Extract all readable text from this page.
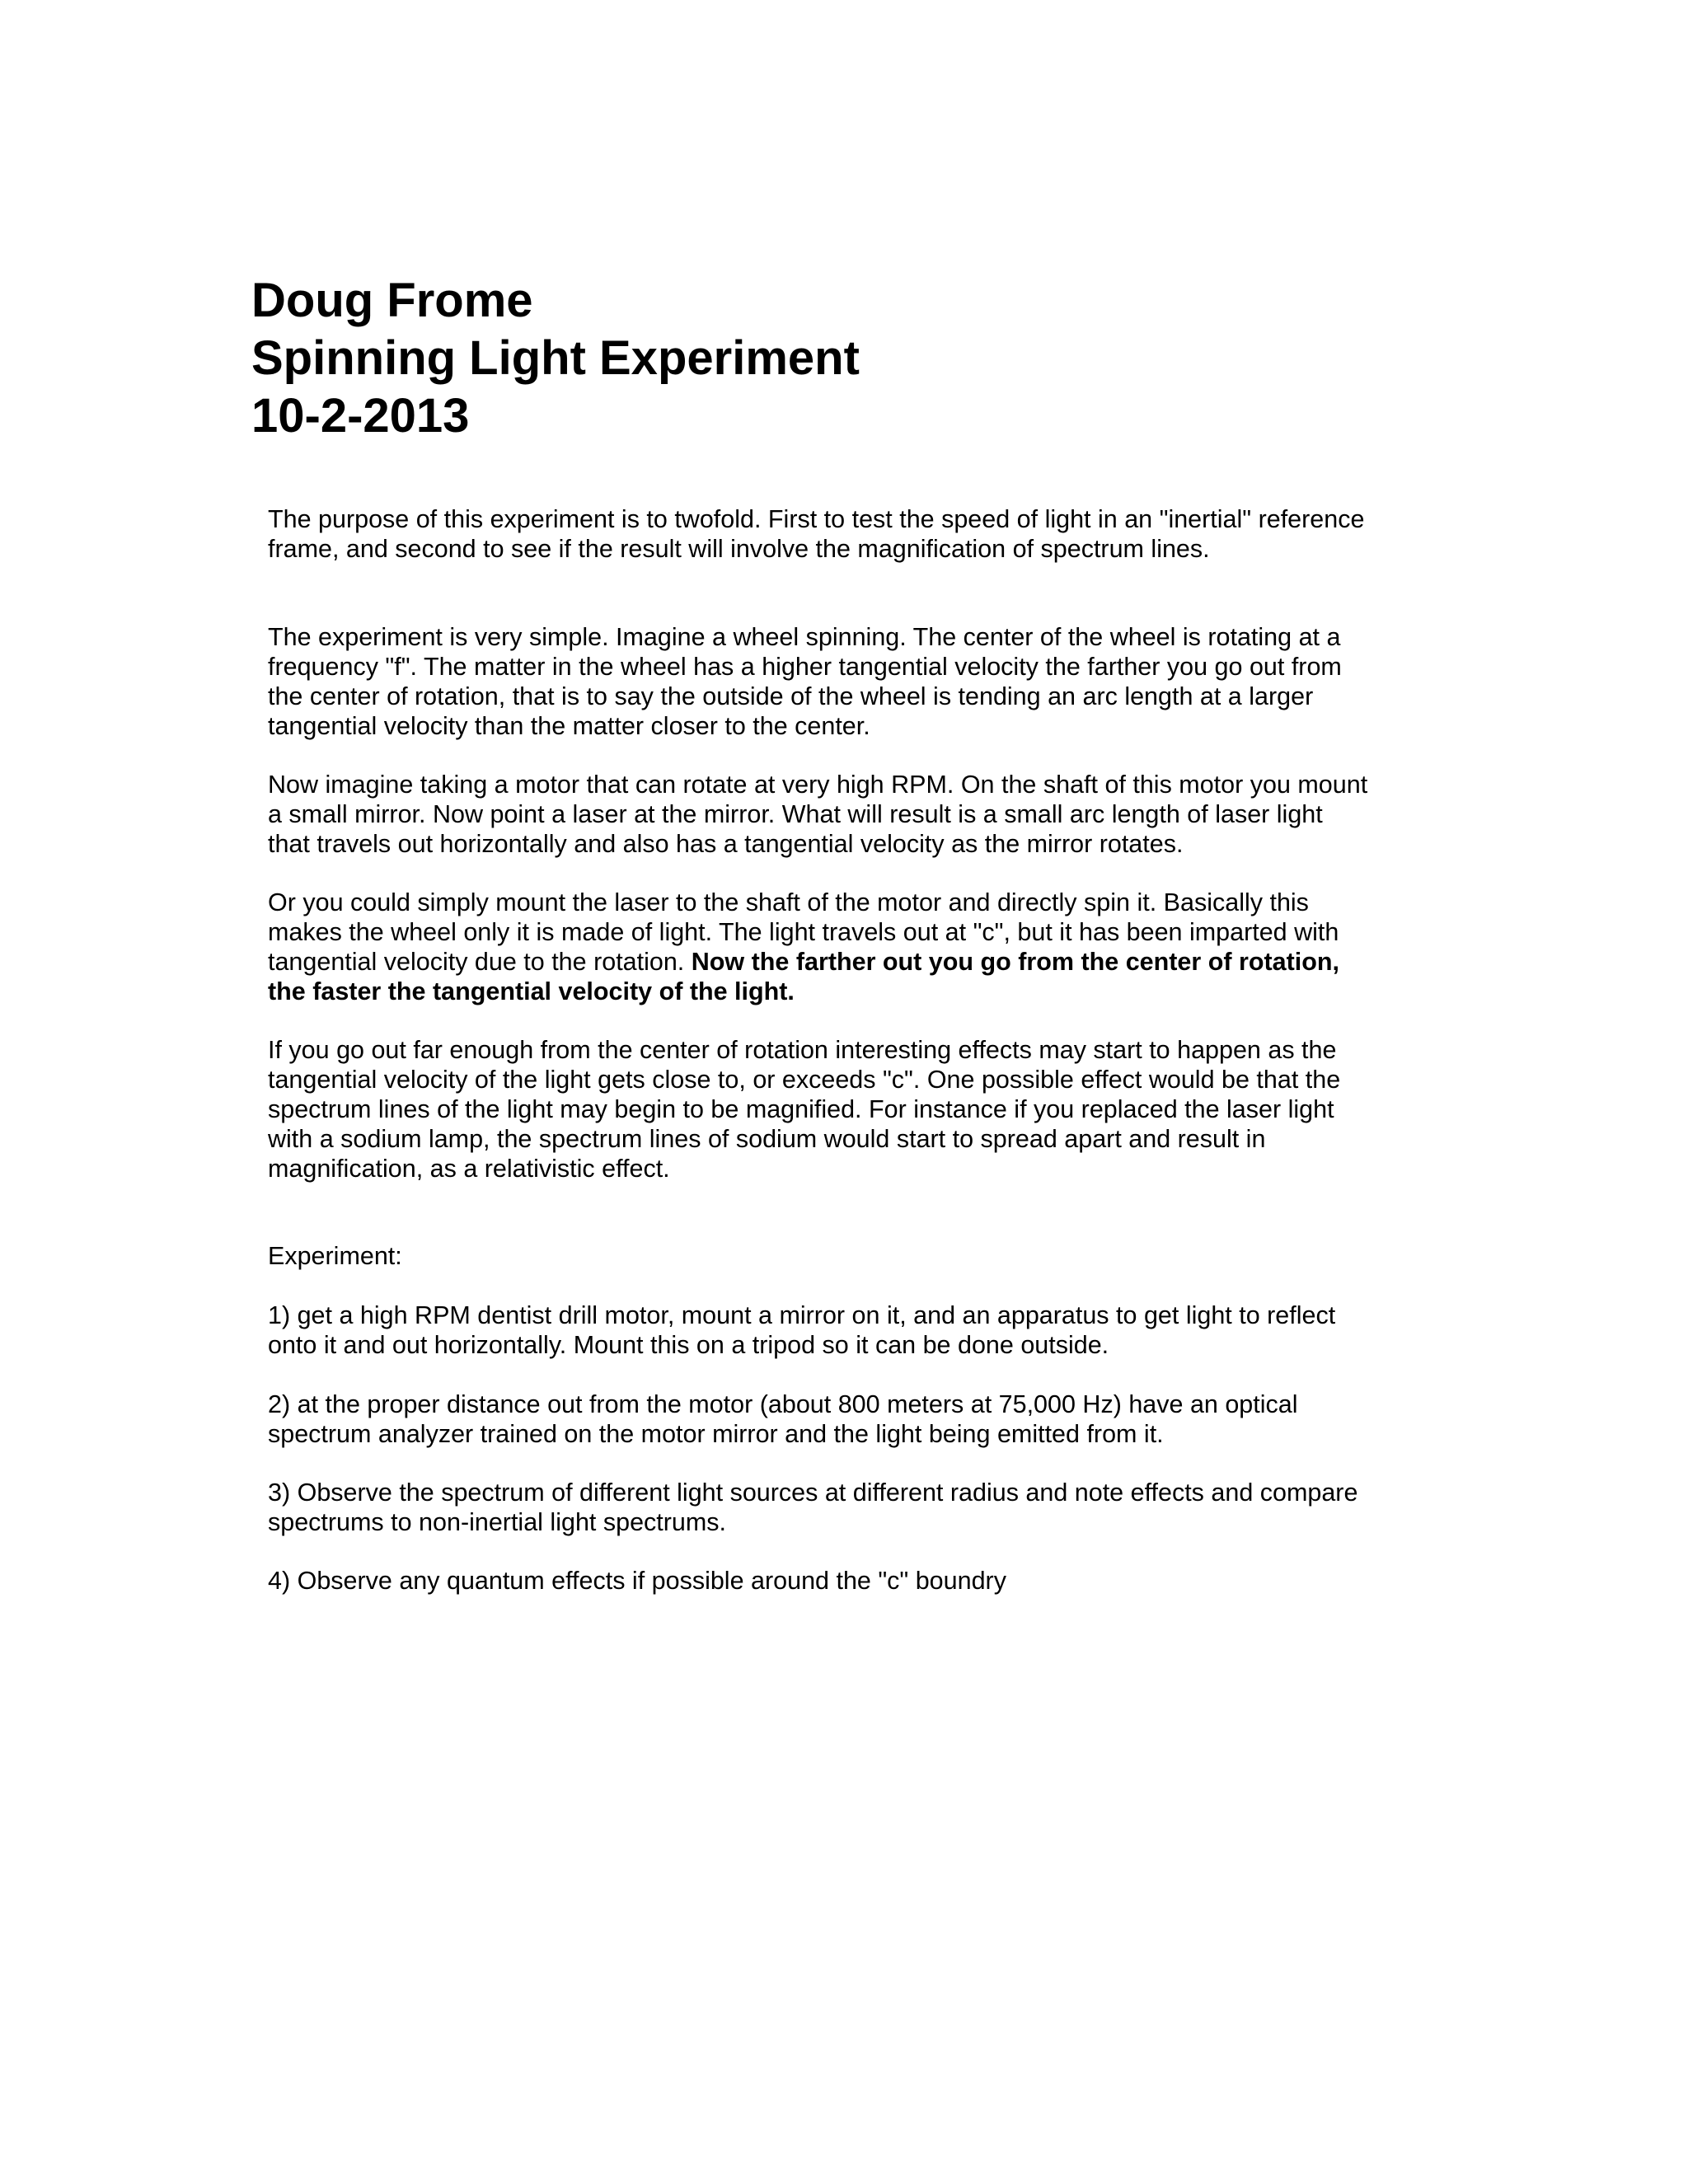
Doug Frome
Spinning Light Experiment
10-2-2013
The purpose of this experiment is to twofold. First to test the speed of light in an "inertial" reference
frame, and second to see if the result will involve the magnification of spectrum lines.
The experiment is very simple. Imagine a wheel spinning. The center of the wheel is rotating at a
frequency "f". The matter in the wheel has a higher tangential velocity the farther you go out from
the center of rotation, that is to say the outside of the wheel is tending an arc length at a larger
tangential velocity than the matter closer to the center.
Now imagine taking a motor that can rotate at very high RPM. On the shaft of this motor you mount
a small mirror. Now point a laser at the mirror. What will result is a small arc length of laser light
that travels out horizontally and also has a tangential velocity as the mirror rotates.
Or you could simply mount the laser to the shaft of the motor and directly spin it. Basically this
makes the wheel only it is made of light. The light travels out at "c", but it has been imparted with
tangential velocity due to the rotation. Now the farther out you go from the center of rotation,
the faster the tangential velocity of the light.
If you go out far enough from the center of rotation interesting effects may start to happen as the
tangential velocity of the light gets close to, or exceeds "c". One possible effect would be that the
spectrum lines of the light may begin to be magnified. For instance if you replaced the laser light
with a sodium lamp, the spectrum lines of sodium would start to spread apart and result in
magnification, as a relativistic effect.
Experiment:
1) get a high RPM dentist drill motor, mount a mirror on it, and an apparatus to get light to reflect
onto it and out horizontally. Mount this on a tripod so it can be done outside.
2) at the proper distance out from the motor (about 800 meters at 75,000 Hz) have an optical
spectrum analyzer trained on the motor mirror and the light being emitted from it.
3) Observe the spectrum of different light sources at different radius and note effects and compare
spectrums to non-inertial light spectrums.
4) Observe any quantum effects if possible around the "c" boundry
